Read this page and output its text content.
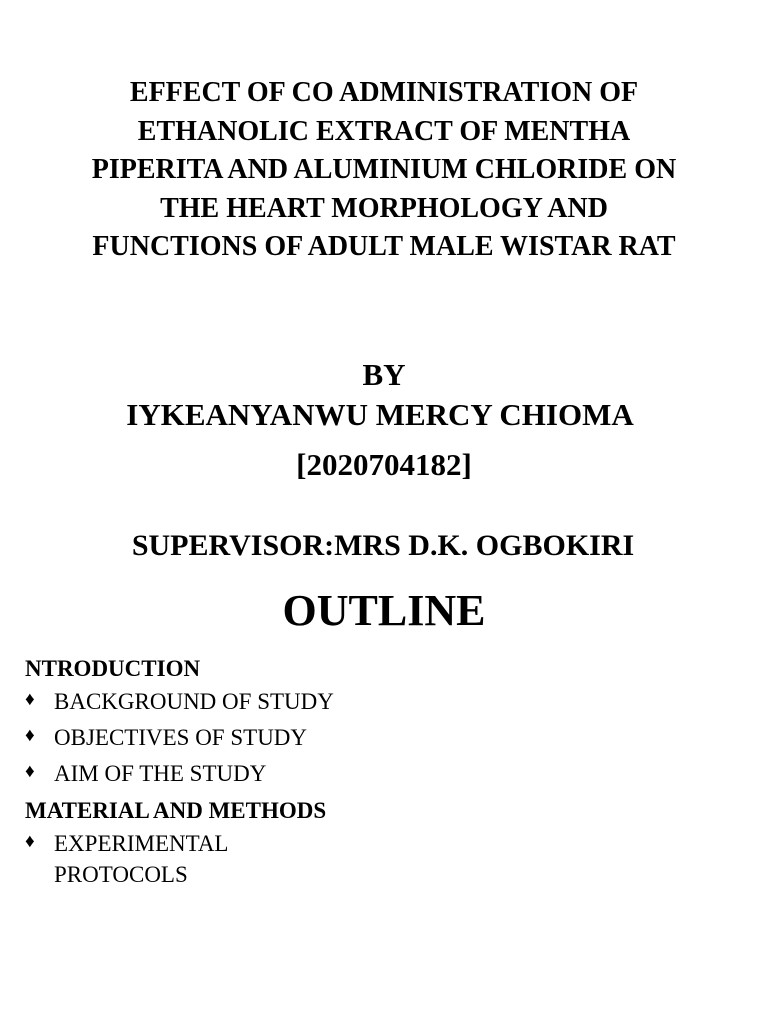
EFFECT OF CO ADMINISTRATION OF
ETHANOLIC EXTRACT OF MENTHA
PIPERITA AND ALUMINIUM CHLORIDE ON
THE HEART MORPHOLOGY AND
FUNCTIONS OF ADULT MALE WISTAR RAT
BY
IYKEANYANWU MERCY CHIOMA
[2020704182]
SUPERVISOR:MRS D.K. OGBOKIRI
OUTLINE
NTRODUCTION
♦ BACKGROUND OF STUDY
♦ OBJECTIVES OF STUDY
♦ AIM OF THE STUDY
MATERIAL AND METHODS
♦ EXPERIMENTAL PROTOCOLS
